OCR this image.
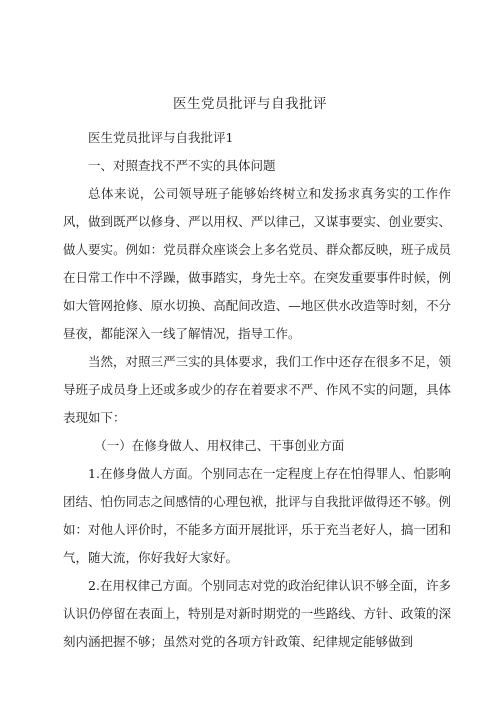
医生党员批评与自我批评

医生党员批评与自我批评1

一、对照查找不严不实的具体问题

总体来说，公司领导班子能够始终树立和发扬求真务实的工作作风，做到既严以修身、严以用权、严以律己，又谋事要实、创业要实、做人要实。例如：党员群众座谈会上多名党员、群众都反映，班子成员在日常工作中不浮躁，做事踏实，身先士卒。在突发重要事件时候，例如大管网抢修、原水切换、高配间改造、—地区供水改造等时刻，不分昼夜，都能深入一线了解情况，指导工作。

当然，对照三严三实的具体要求，我们工作中还存在很多不足，领导班子成员身上还或多或少的存在着要求不严、作风不实的问题，具体表现如下：

（一）在修身做人、用权律己、干事创业方面

1.在修身做人方面。个别同志在一定程度上存在怕得罪人、怕影响团结、怕伤同志之间感情的心理包袱，批评与自我批评做得还不够。例如：对他人评价时，不能多方面开展批评，乐于充当老好人，搞一团和气，随大流，你好我好大家好。

2.在用权律己方面。个别同志对党的政治纪律认识不够全面，许多认识仍停留在表面上，特别是对新时期党的一些路线、方针、政策的深刻内涵把握不够；虽然对党的各项方针政策、纪律规定能够做到
